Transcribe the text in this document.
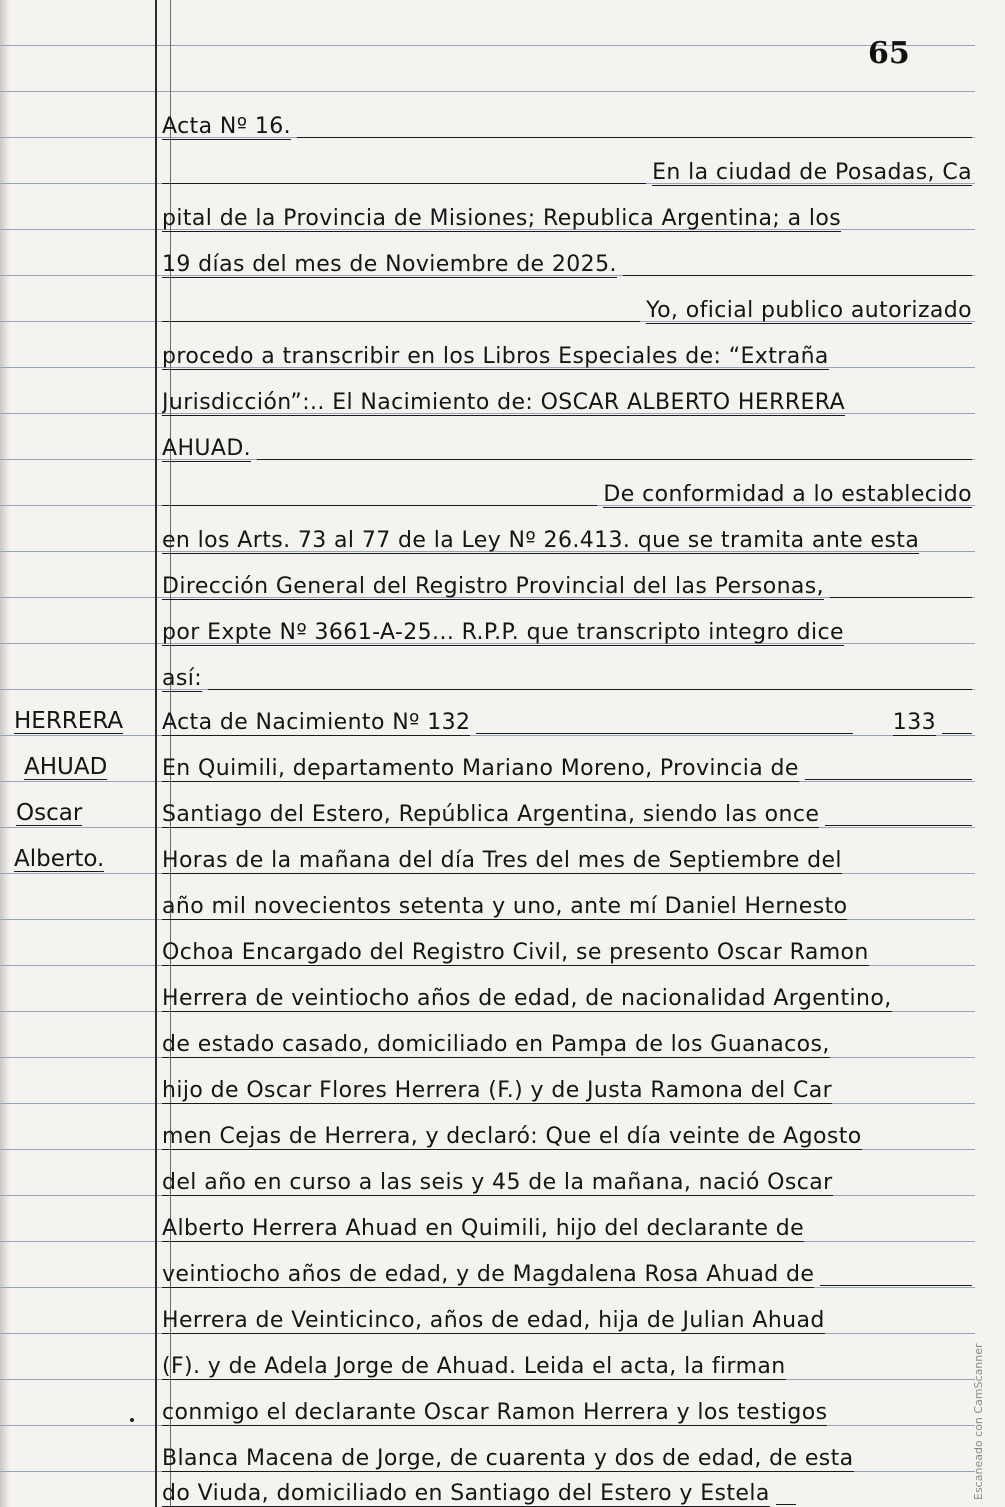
65
Acta Nº 16.
En la ciudad de Posadas, Ca
pital de la Provincia de Misiones; Republica Argentina; a los
19 días del mes de Noviembre de 2025.
Yo, oficial publico autorizado
procedo a transcribir en los Libros Especiales de: “Extraña
Jurisdicción”:.. El Nacimiento de: OSCAR ALBERTO HERRERA
AHUAD.
De conformidad a lo establecido
en los Arts. 73 al 77 de la Ley Nº 26.413. que se tramita ante esta
Dirección General del Registro Provincial del las Personas,
por Expte Nº 3661-A-25... R.P.P. que transcripto integro dice
así:
Acta de Nacimiento Nº 132	133
En Quimili, departamento Mariano Moreno, Provincia de
Santiago del Estero, República Argentina, siendo las once
Horas de la mañana del día Tres del mes de Septiembre del
año mil novecientos setenta y uno, ante mí Daniel Hernesto
Ochoa Encargado del Registro Civil, se presento Oscar Ramon
Herrera de veintiocho años de edad, de nacionalidad Argentino,
de estado casado, domiciliado en Pampa de los Guanacos,
hijo de Oscar Flores Herrera (F.) y de Justa Ramona del Car
men Cejas de Herrera, y declaró: Que el día veinte de Agosto
del año en curso a las seis y 45 de la mañana, nació Oscar
Alberto Herrera Ahuad en Quimili, hijo del declarante de
veintiocho años de edad, y de Magdalena Rosa Ahuad de
Herrera de Veinticinco, años de edad, hija de Julian Ahuad
(F). y de Adela Jorge de Ahuad. Leida el acta, la firman
conmigo el declarante Oscar Ramon Herrera y los testigos
Blanca Macena de Jorge, de cuarenta y dos de edad, de esta
do Viuda, domiciliado en Santiago del Estero y Estela
HERRERA
AHUAD
Oscar
Alberto.
Escaneado con CamScanner
